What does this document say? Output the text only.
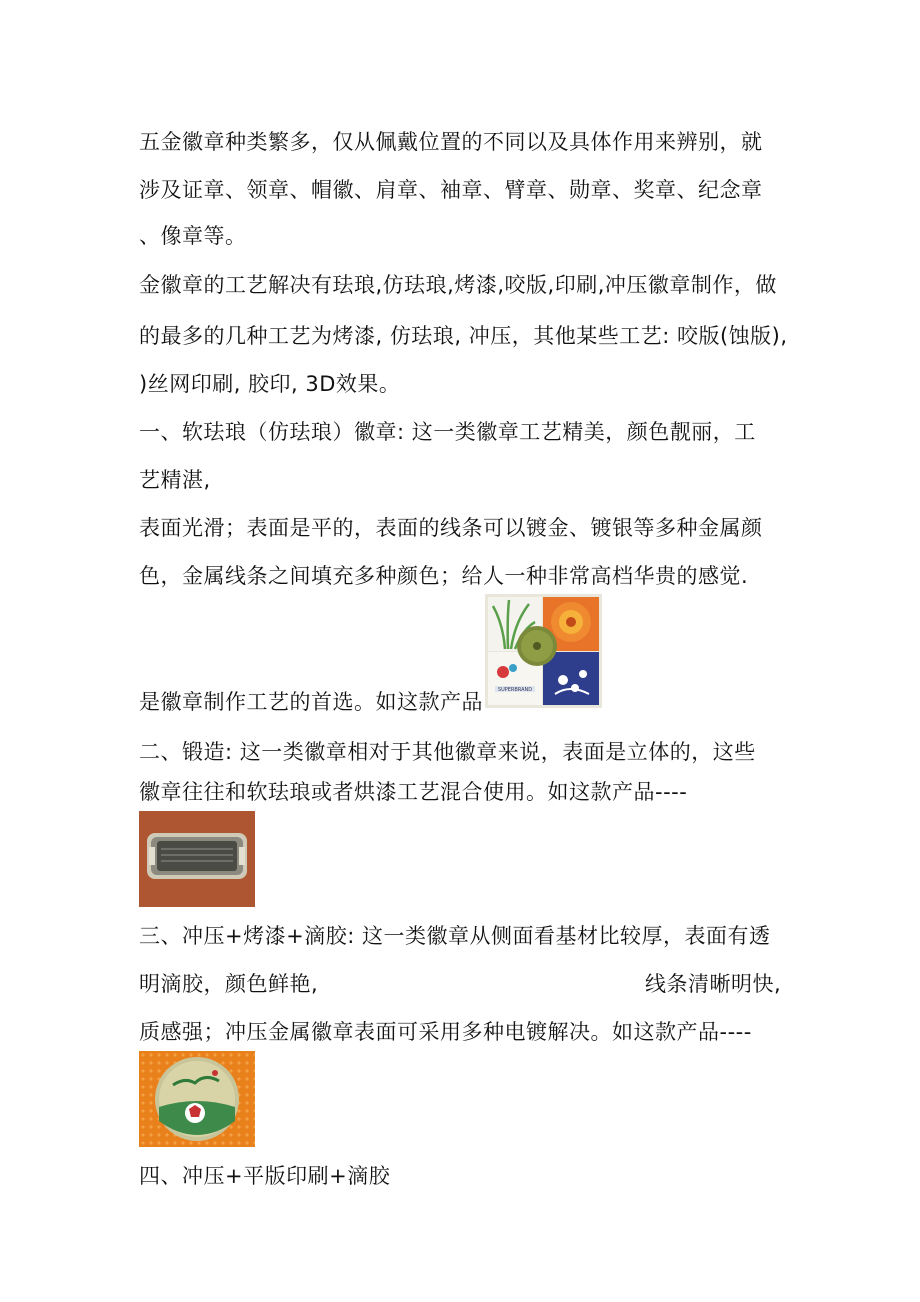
五金徽章种类繁多，仅从佩戴位置的不同以及具体作用来辨别，就
涉及证章、领章、帽徽、肩章、袖章、臂章、勋章、奖章、纪念章
、像章等。
金徽章的工艺解决有珐琅,仿珐琅,烤漆,咬版,印刷,冲压徽章制作，做
的最多的几种工艺为烤漆, 仿珐琅, 冲压，其他某些工艺: 咬版(蚀版),
)丝网印刷, 胶印, 3D效果。
一、软珐琅（仿珐琅）徽章: 这一类徽章工艺精美，颜色靓丽，工
艺精湛,
表面光滑；表面是平的，表面的线条可以镀金、镀银等多种金属颜
色，金属线条之间填充多种颜色；给人一种非常高档华贵的感觉.
是徽章制作工艺的首选。如这款产品	SUPERBRAND
二、锻造: 这一类徽章相对于其他徽章来说，表面是立体的，这些
徽章往往和软珐琅或者烘漆工艺混合使用。如这款产品----
三、冲压+烤漆+滴胶: 这一类徽章从侧面看基材比较厚，表面有透
明滴胶，颜色鲜艳,	线条清晰明快,
质感强；冲压金属徽章表面可采用多种电镀解决。如这款产品----
四、冲压+平版印刷+滴胶
